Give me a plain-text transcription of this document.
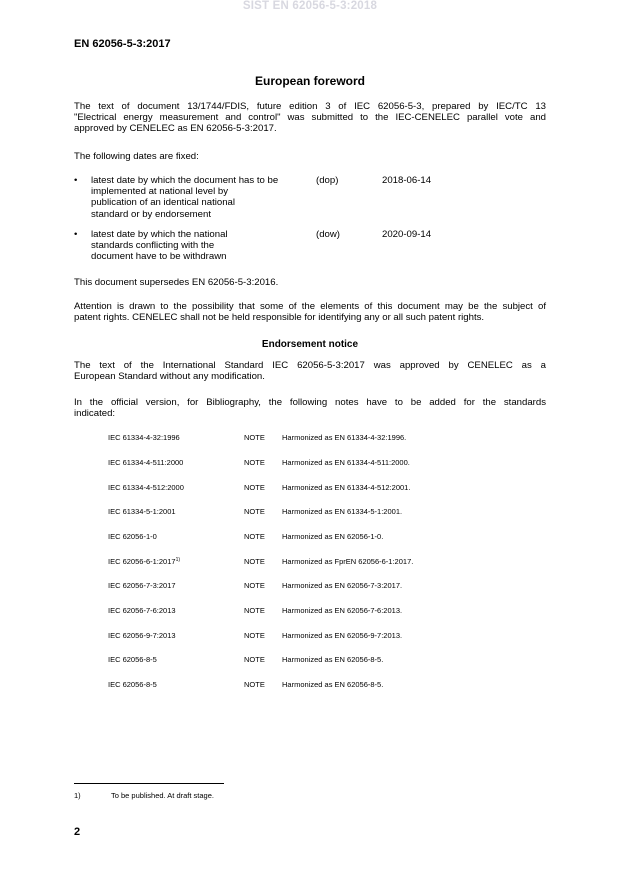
SIST EN 62056-5-3:2018
EN 62056-5-3:2017
European foreword
The text of document 13/1744/FDIS, future edition 3 of IEC 62056-5-3, prepared by IEC/TC 13
"Electrical energy measurement and control" was submitted to the IEC-CENELEC parallel vote and
approved by CENELEC as EN 62056-5-3:2017.
The following dates are fixed:
• latest date by which the document has to be
implemented at national level by
publication of an identical national
standard or by endorsement
(dop)	2018-06-14
• latest date by which the national
standards conflicting with the
document have to be withdrawn
(dow)	2020-09-14
This document supersedes EN 62056-5-3:2016.
Attention is drawn to the possibility that some of the elements of this document may be the subject of
patent rights. CENELEC shall not be held responsible for identifying any or all such patent rights.
Endorsement notice
The text of the International Standard IEC 62056-5-3:2017 was approved by CENELEC as a
European Standard without any modification.
In the official version, for Bibliography, the following notes have to be added for the standards
indicated:
IEC 61334-4-32:1996	NOTE Harmonized as EN 61334-4-32:1996.
IEC 61334-4-511:2000	NOTE Harmonized as EN 61334-4-511:2000.
IEC 61334-4-512:2000	NOTE Harmonized as EN 61334-4-512:2001.
IEC 61334-5-1:2001	NOTE Harmonized as EN 61334-5-1:2001.
IEC 62056-1-0	NOTE Harmonized as EN 62056-1-0.
IEC 62056-6-1:2017$^{1)}$	NOTE Harmonized as FprEN 62056-6-1:2017.
IEC 62056-7-3:2017	NOTE Harmonized as EN 62056-7-3:2017.
IEC 62056-7-6:2013	NOTE Harmonized as EN 62056-7-6:2013.
IEC 62056-9-7:2013	NOTE Harmonized as EN 62056-9-7:2013.
IEC 62056-8-5	NOTE Harmonized as EN 62056-8-5.
IEC 62056-8-5	NOTE Harmonized as EN 62056-8-5.
1)	To be published. At draft stage.
2
